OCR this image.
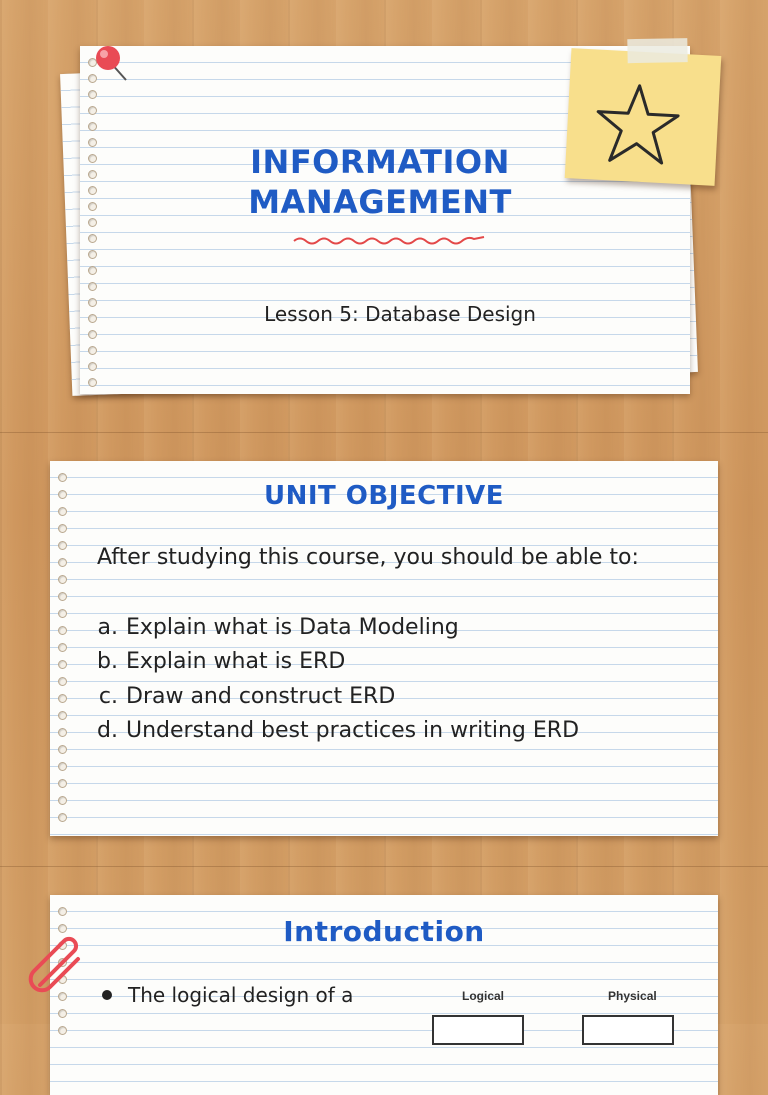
INFORMATION
MANAGEMENT
Lesson 5: Database Design
UNIT OBJECTIVE
After studying this course, you should be able to:
a. Explain what is Data Modeling
b. Explain what is ERD
c. Draw and construct ERD
d. Understand best practices in writing ERD
Introduction
The logical design of a	Logical	Physical
